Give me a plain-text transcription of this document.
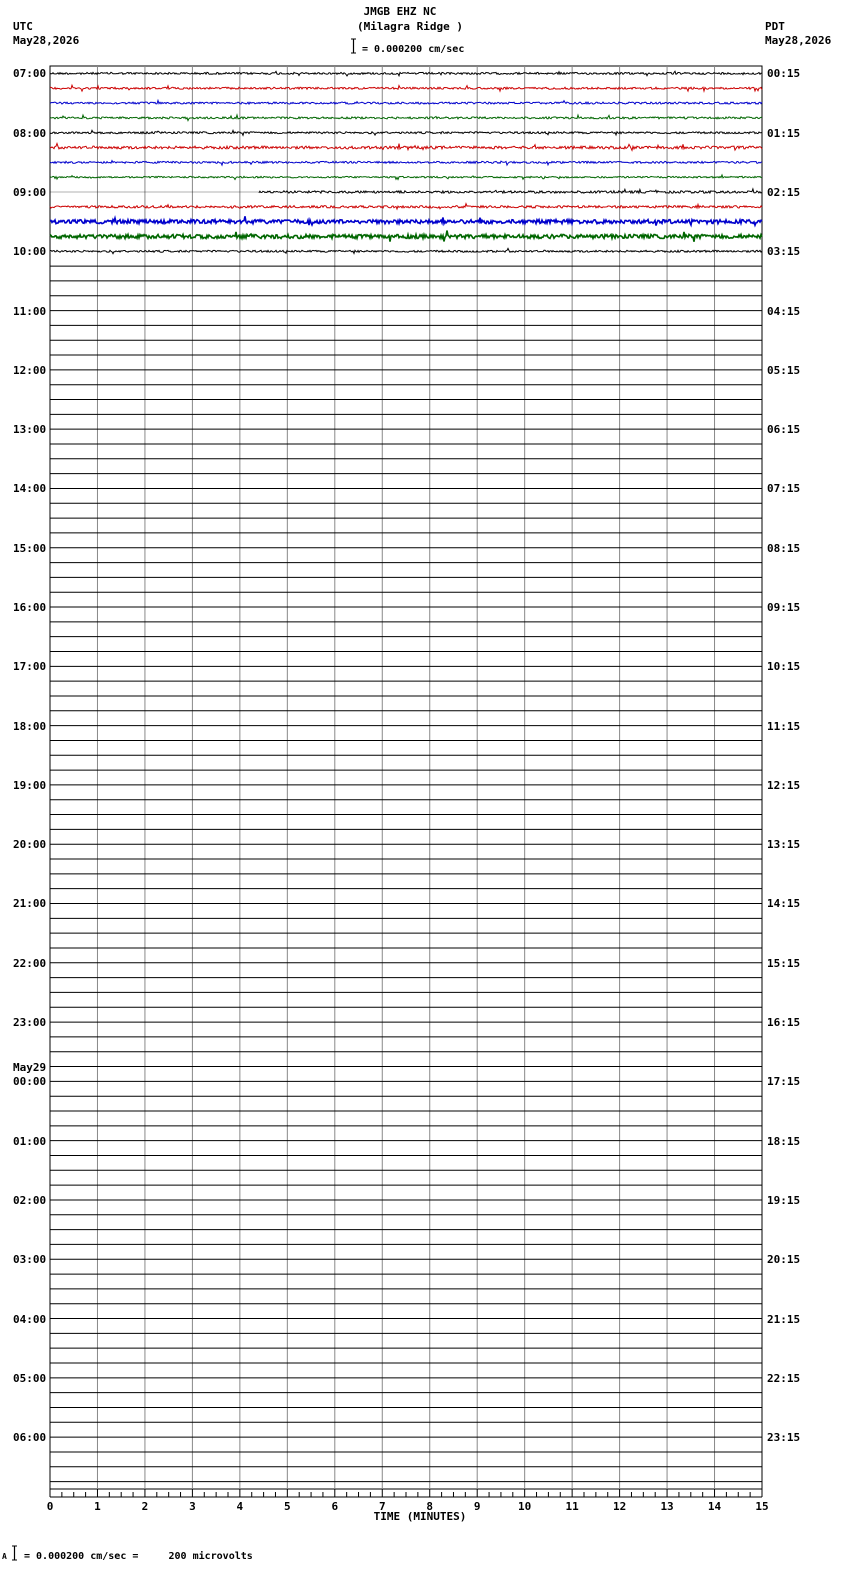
JMGB EHZ NC
(Milagra Ridge )
UTC
May28,2026
PDT
May28,2026
= 0.000200 cm/sec
0	1	2	3	4	5	6	7	8	9	10	11	12	13	14	15
07:00
08:00
09:00
10:00
11:00
12:00
13:00
14:00
15:00
16:00
17:00
18:00
19:00
20:00
21:00
22:00
23:00
00:00
May29
01:00
02:00
03:00
04:00
05:00
06:00
00:15
01:15
02:15
03:15
04:15
05:15
06:15
07:15
08:15
09:15
10:15
11:15
12:15
13:15
14:15
15:15
16:15
17:15
18:15
19:15
20:15
21:15
22:15
23:15
TIME (MINUTES)
A = 0.000200 cm/sec =     200 microvolts
